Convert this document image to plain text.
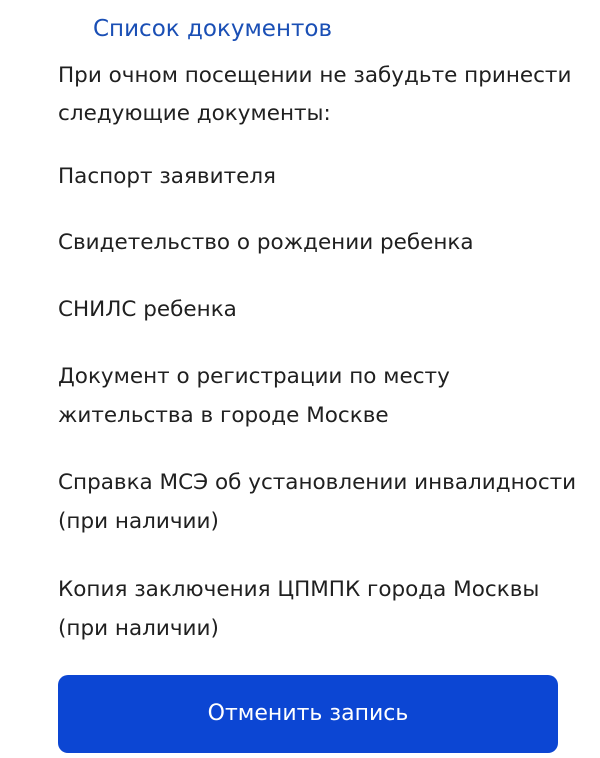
Список документов

При очном посещении не забудьте принести следующие документы:

Паспорт заявителя
Свидетельство о рождении ребенка
СНИЛС ребенка
Документ о регистрации по месту жительства в городе Москве
Справка МСЭ об установлении инвалидности (при наличии)
Копия заключения ЦПМПК города Москвы (при наличии)
Отменить запись
